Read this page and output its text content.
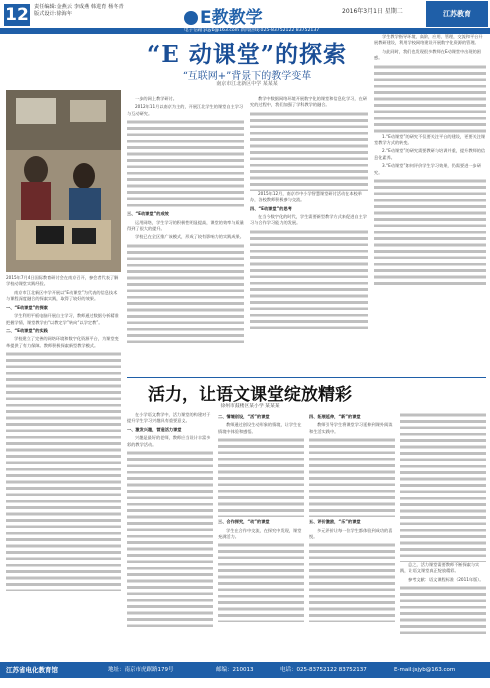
12 责任编辑:金燕云 李成燕 韩进育 杨冬青
版式设计:徐海年	E教教学	2016年3月1日 星期二	江苏教育
电子信箱:jsjyb@163.com 新闻热线:025-83752122 83752137
“E 动课堂”的探索
“互联网+”背景下的教学变革
南京市江北新区中学 某某某
2015年7月4日国际教育研讨会在南京召开，参会者代表了解学校动课堂实践经验。

南京市江北新区中学开展以“E动课堂”为代表的信息技术与课程深度融合的探索实践，取得了较好的效果。

一、“E动课堂”的探索

学生利用平板电脑开展自主学习，教师通过数据分析精准把握学情，课堂教学由“以教定学”转向“以学定教”。

二、“E动课堂”的实践

学校建立了完善的网络环境和数字化资源平台，为课堂变革提供了有力保障。教师积极探索新型教学模式。

一步的网上教学研讨。

2012年11月以南京为主的，开展江北学生的课堂自主学习与互动研究。

三、“E动课堂”的成效

运用网络，学生学习的积极性明显提高，课堂的效率与质量得到了很大的提升。

学校已在全区推广该模式，形成了较有影响力的实践成果。

教学中数据网络环境开展数字化的课堂和信息化学习，在研究的过程中，我们加强了学科教学的融合。

2015年12月，南京市中小学智慧课堂研讨活动在本校举办，各校教师积极参与交流。

四、“E动课堂”的思考

在当今数字化的时代，学生需要新型教学方式来促进自主学习与合作学习能力的发展。

学生教学指导环境，高阶，应用、管理，交流和平台开展教研建设，利用学校网络建设开展数字化资源的管理。

与此同时，我们也发现很多教师在E动课堂中出现的困惑。

1.“E动课堂”的研究不仅要关注平台的建设，更要关注课堂教学方式的转变。

2.“E动课堂”的研究需要教研与培训并重，提升教师的信息化素养。

3.“E动课堂”如何评价学生学习效果，仍需要进一步研究。

活力，让语文课堂绽放精彩
徐州市鼓楼区某小学 某某某

在小学语文教学中，活力课堂的构建对于提升学生学习兴趣具有重要意义。

一、激发兴趣，营造活力课堂

兴趣是最好的老师，教师应当设计丰富多彩的教学活动。

二、情境创设，“活”的课堂

教师通过创设生动形象的情境，让学生在情境中体验和感悟。

三、合作探究，“动”的课堂

学生在合作中交流，在探究中发现，课堂充满活力。

四、拓展延伸，“新”的课堂

教师引导学生将课堂学习延伸到课外阅读和生活实践中。

五、评价激励，“乐”的课堂

多元评价让每一位学生都体验到成功的喜悦。

总之，活力课堂需要教师不断探索与实践，让语文课堂真正绽放精彩。

参考文献：语文课程标准（2011年版）。

江苏省电化教育馆	地址：南京市虎踞路179号	邮编：210013	电话：025-83752122 83752137	E-mail:jsjyb@163.com
